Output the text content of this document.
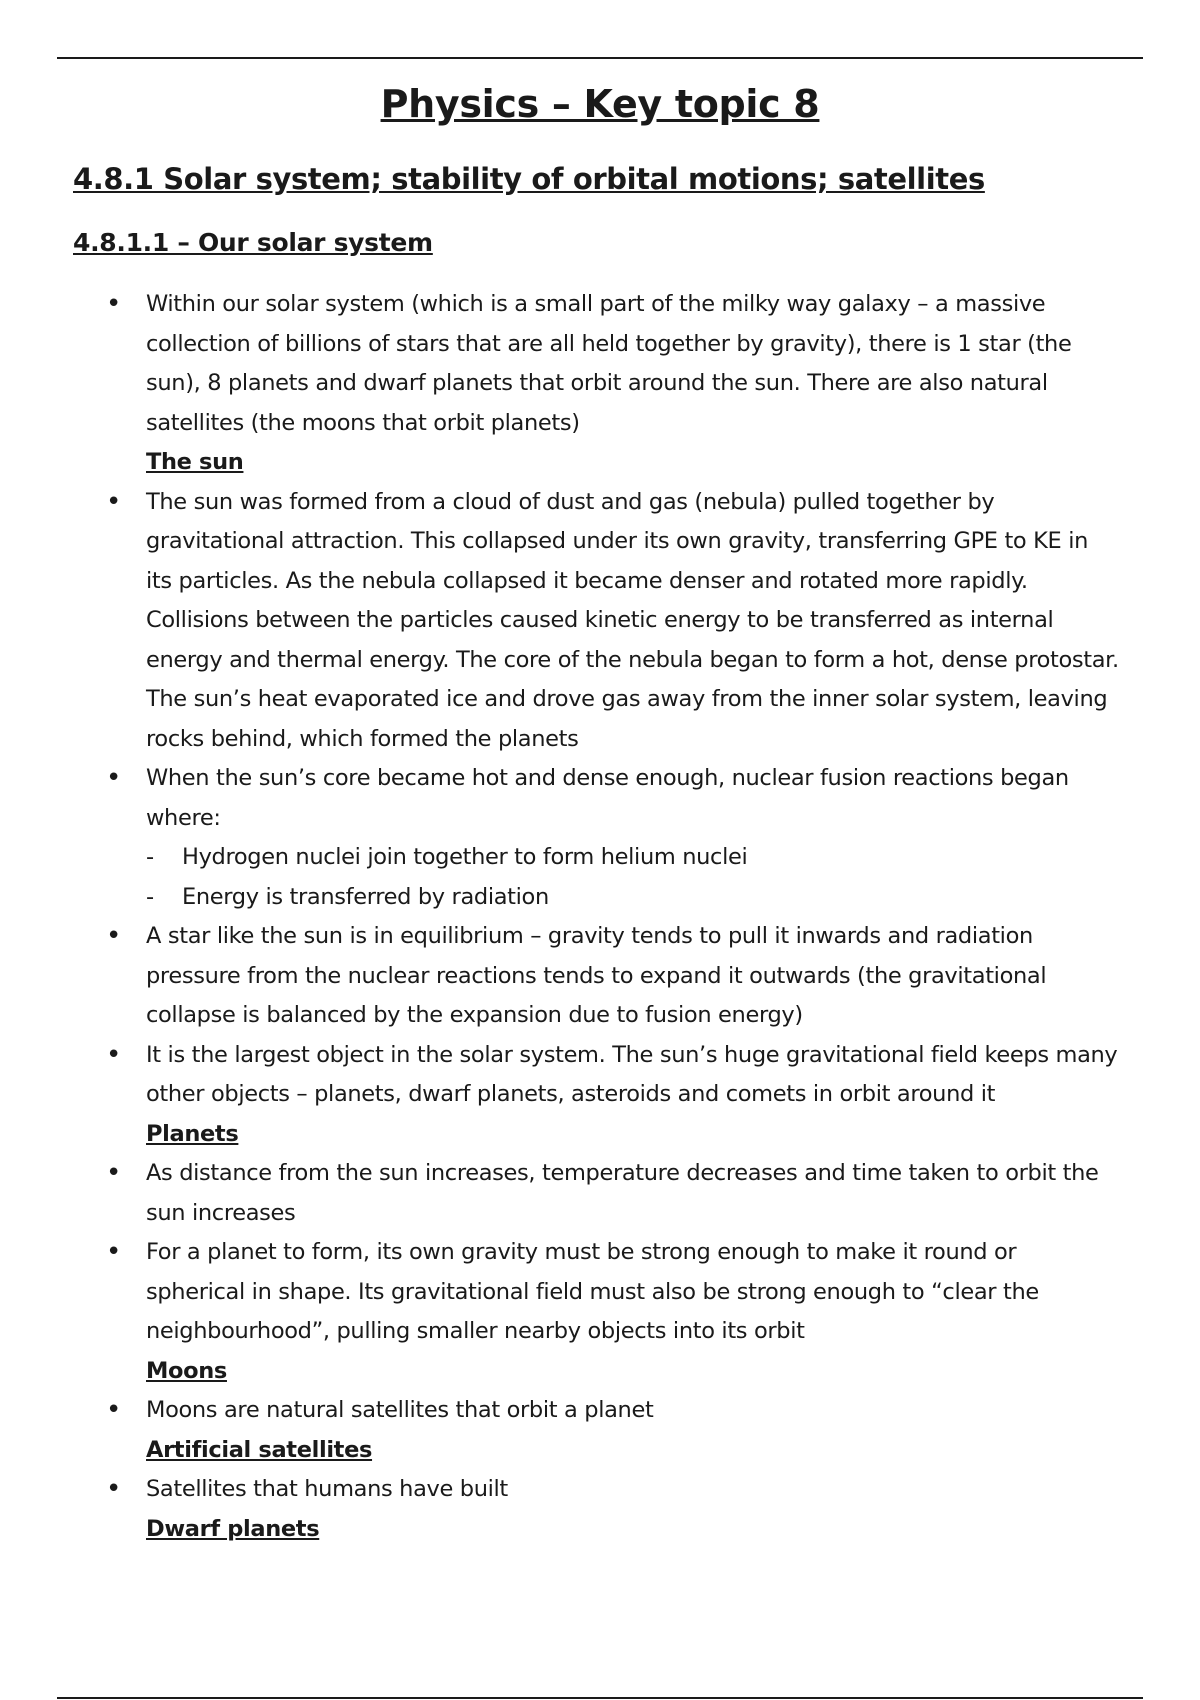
Physics – Key topic 8
4.8.1 Solar system; stability of orbital motions; satellites
4.8.1.1 – Our solar system
• Within our solar system (which is a small part of the milky way galaxy – a massive collection of billions of stars that are all held together by gravity), there is 1 star (the sun), 8 planets and dwarf planets that orbit around the sun. There are also natural satellites (the moons that orbit planets)
The sun
• The sun was formed from a cloud of dust and gas (nebula) pulled together by gravitational attraction. This collapsed under its own gravity, transferring GPE to KE in its particles. As the nebula collapsed it became denser and rotated more rapidly. Collisions between the particles caused kinetic energy to be transferred as internal energy and thermal energy. The core of the nebula began to form a hot, dense protostar. The sun’s heat evaporated ice and drove gas away from the inner solar system, leaving rocks behind, which formed the planets
• When the sun’s core became hot and dense enough, nuclear fusion reactions began where:
- Hydrogen nuclei join together to form helium nuclei
- Energy is transferred by radiation
• A star like the sun is in equilibrium – gravity tends to pull it inwards and radiation pressure from the nuclear reactions tends to expand it outwards (the gravitational collapse is balanced by the expansion due to fusion energy)
• It is the largest object in the solar system. The sun’s huge gravitational field keeps many other objects – planets, dwarf planets, asteroids and comets in orbit around it
Planets
• As distance from the sun increases, temperature decreases and time taken to orbit the sun increases
• For a planet to form, its own gravity must be strong enough to make it round or spherical in shape. Its gravitational field must also be strong enough to “clear the neighbourhood”, pulling smaller nearby objects into its orbit
Moons
• Moons are natural satellites that orbit a planet
Artificial satellites
• Satellites that humans have built
Dwarf planets
